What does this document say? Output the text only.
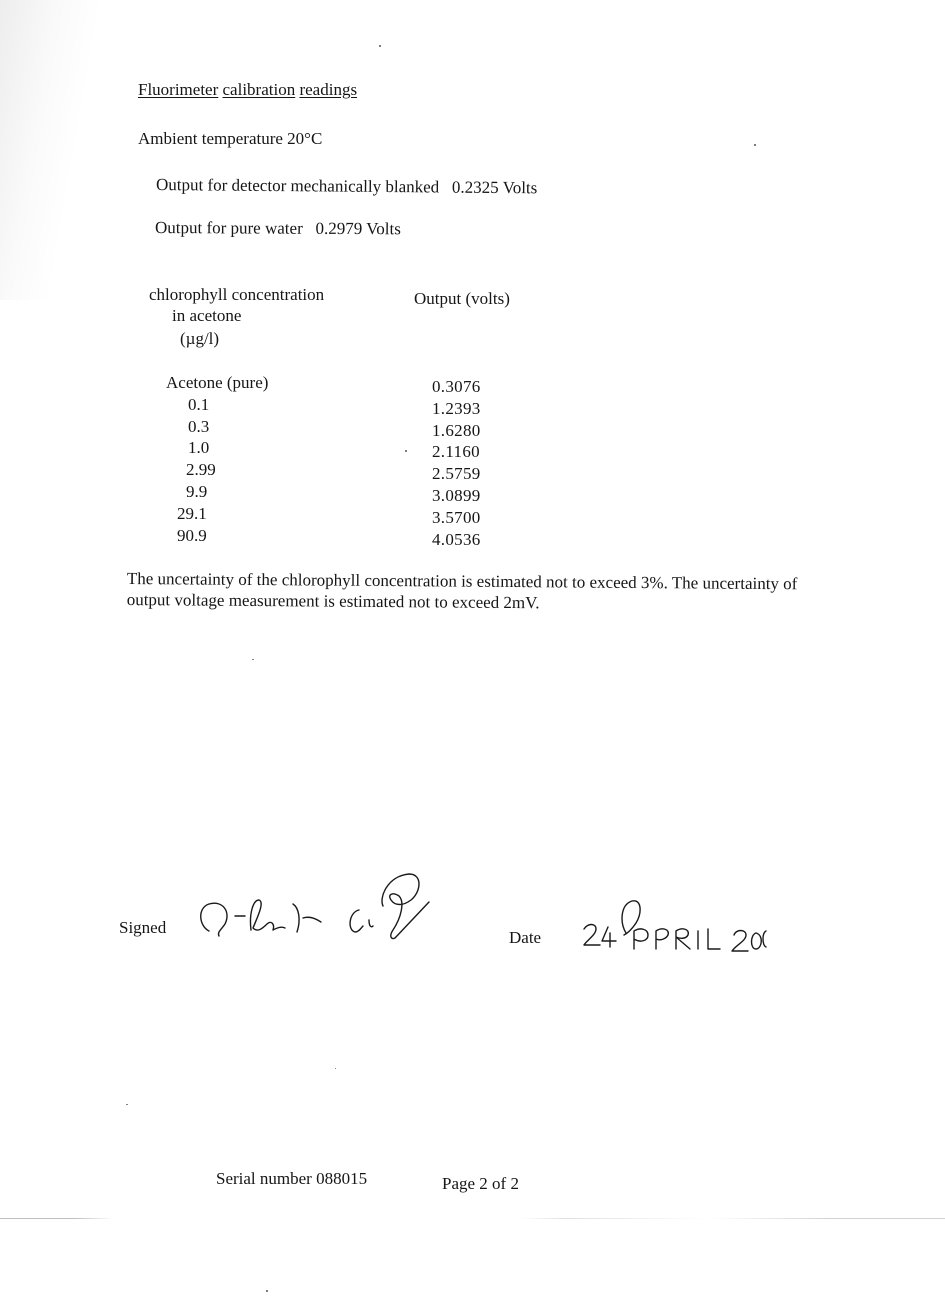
Fluorimeter calibration readings
Ambient temperature 20°C
Output for detector mechanically blanked   0.2325 Volts
Output for pure water   0.2979 Volts
chlorophyll concentration
in acetone
(µg/l)
Output (volts)
Acetone (pure)
0.1
0.3
1.0
2.99
9.9
29.1
90.9
0.3076
1.2393
1.6280
2.1160
2.5759
3.0899
3.5700
4.0536
The uncertainty of the chlorophyll concentration is estimated not to exceed 3%. The uncertainty of output voltage measurement is estimated not to exceed 2mV.
Signed
Date
Serial number 088015	Page 2 of 2
